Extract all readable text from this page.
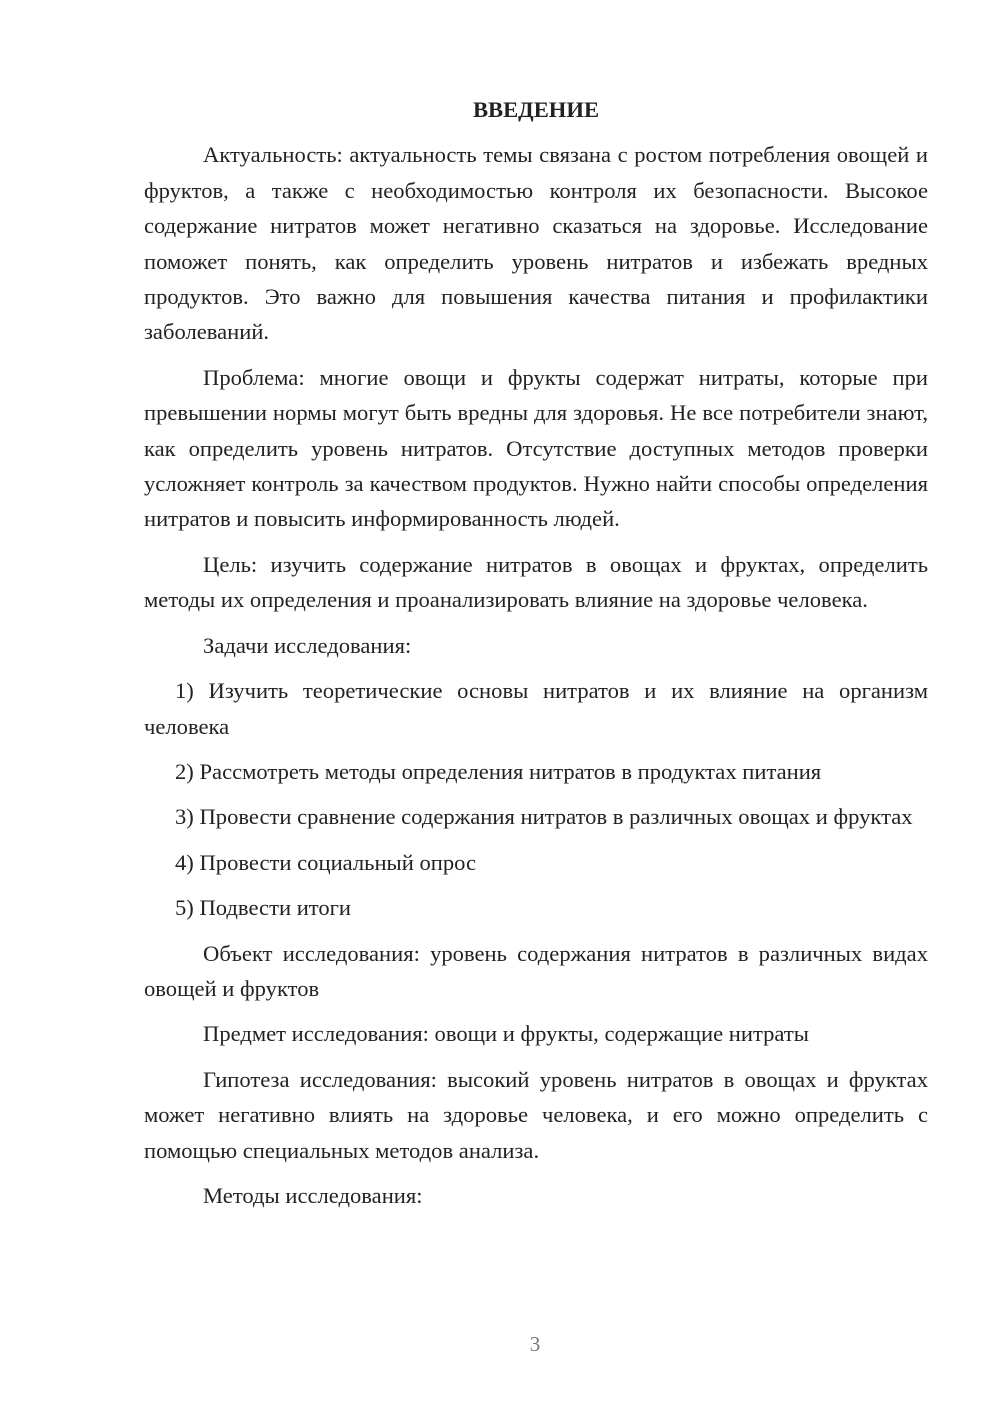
ВВЕДЕНИЕ

Актуальность: актуальность темы связана с ростом потребления овощей и фруктов, а также с необходимостью контроля их безопасности. Высокое содержание нитратов может негативно сказаться на здоровье. Исследование поможет понять, как определить уровень нитратов и избежать вредных продуктов. Это важно для повышения качества питания и профилактики заболеваний.

Проблема: многие овощи и фрукты содержат нитраты, которые при превышении нормы могут быть вредны для здоровья. Не все потребители знают, как определить уровень нитратов. Отсутствие доступных методов проверки усложняет контроль за качеством продуктов. Нужно найти способы определения нитратов и повысить информированность людей.

Цель: изучить содержание нитратов в овощах и фруктах, определить методы их определения и проанализировать влияние на здоровье человека.

Задачи исследования:

1) Изучить теоретические основы нитратов и их влияние на организм человека

2) Рассмотреть методы определения нитратов в продуктах питания

3) Провести сравнение содержания нитратов в различных овощах и фруктах

4) Провести социальный опрос

5) Подвести итоги

Объект исследования: уровень содержания нитратов в различных видах овощей и фруктов

Предмет исследования: овощи и фрукты, содержащие нитраты

Гипотеза исследования: высокий уровень нитратов в овощах и фруктах может негативно влиять на здоровье человека, и его можно определить с помощью специальных методов анализа.

Методы исследования:

3
